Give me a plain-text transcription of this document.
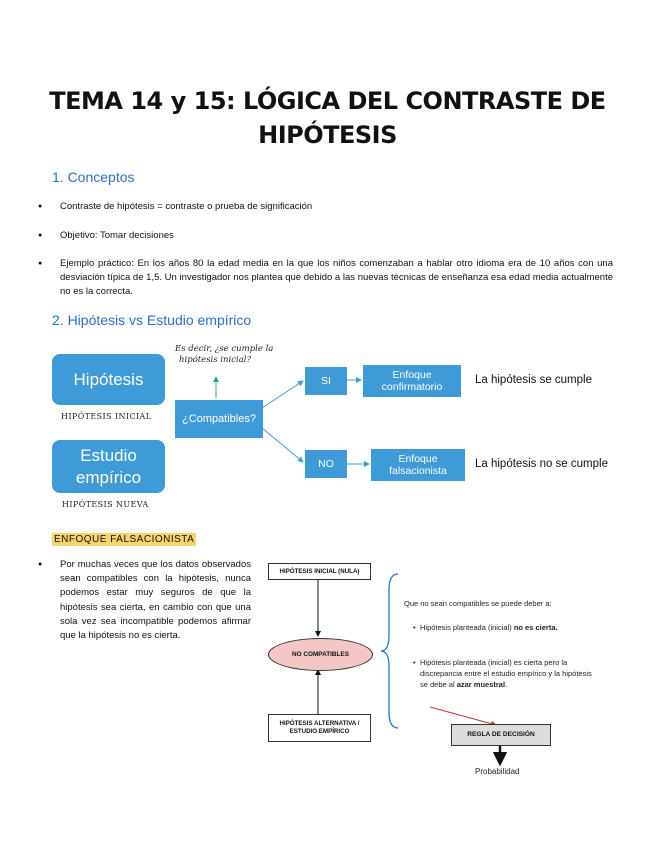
TEMA 14 y 15: LÓGICA DEL CONTRASTE DE
HIPÓTESIS
1. Conceptos
● Contraste de hipótesis = contraste o prueba de significación
● Objetivo: Tomar decisiones
● Ejemplo práctico: En los años 80 la edad media en la que los niños comenzaban a hablar otro idioma era de 10 años con una desviación típica de 1,5. Un investigador nos plantea que debido a las nuevas técnicas de enseñanza esa edad media actualmente no es la correcta.
2. Hipótesis vs Estudio empírico
Hipótesis
HIPÓTESIS INICIAL
Estudio
empírico
HIPÓTESIS NUEVA
¿Compatibles?
Es decir, ¿se cumple la
hipótesis inicial?
SI
NO
Enfoque
confirmatorio
Enfoque
falsacionista
La hipótesis se cumple
La hipótesis no se cumple
ENFOQUE FALSACIONISTA
● Por muchas veces que los datos observados sean compatibles con la hipótesis, nunca podemos estar muy seguros de que la hipótesis sea cierta, en cambio con que una sola vez sea incompatible podemos afirmar que la hipótesis no es cierta.
HIPÓTESIS INICIAL (NULA)
NO COMPATIBLES
HIPÓTESIS ALTERNATIVA / ESTUDIO EMPÍRICO
Que no sean compatibles se puede deber a:
• Hipótesis planteada (inicial) no es cierta.
• Hipótesis planteada (inicial) es cierta pero la discrepancia entre el estudio empírico y la hipótesis se debe al azar muestral.
REGLA DE DECISIÓN
Probabilidad
